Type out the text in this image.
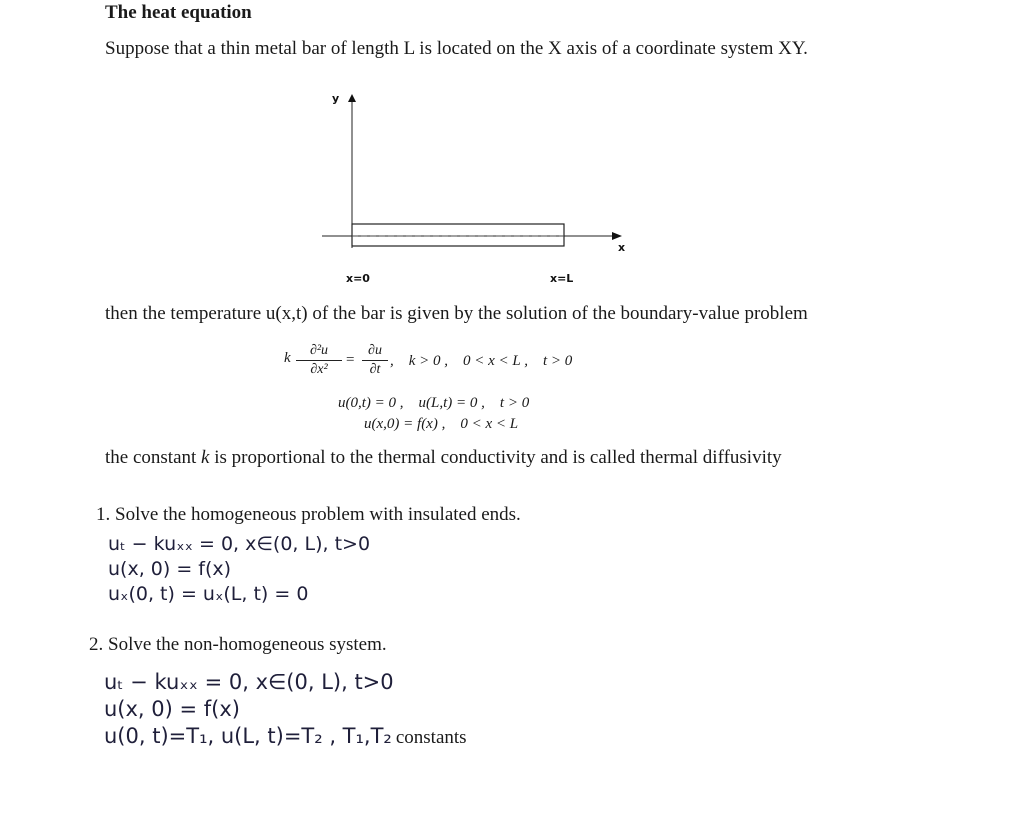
The heat equation
Suppose that a thin metal bar of length L is located on the X axis of a coordinate system XY.
y
x
x=0	x=L
then the temperature u(x,t) of the bar is given by the solution of the boundary-value problem
k	∂²u
∂x²
=
∂u
∂t
,    k > 0 ,    0 < x < L ,    t > 0
u(0,t) = 0 ,    u(L,t) = 0 ,    t > 0
u(x,0) = f(x) ,    0 < x < L
the constant k is proportional to the thermal conductivity and is called thermal diffusivity
1. Solve the homogeneous problem with insulated ends.
uₜ − kuₓₓ = 0, x∈(0, L), t>0
u(x, 0) = f(x)
uₓ(0, t) = uₓ(L, t) = 0
2. Solve the non-homogeneous system.
uₜ − kuₓₓ = 0, x∈(0, L), t>0
u(x, 0) = f(x)
u(0, t)=T₁, u(L, t)=T₂ , T₁,T₂ constants
